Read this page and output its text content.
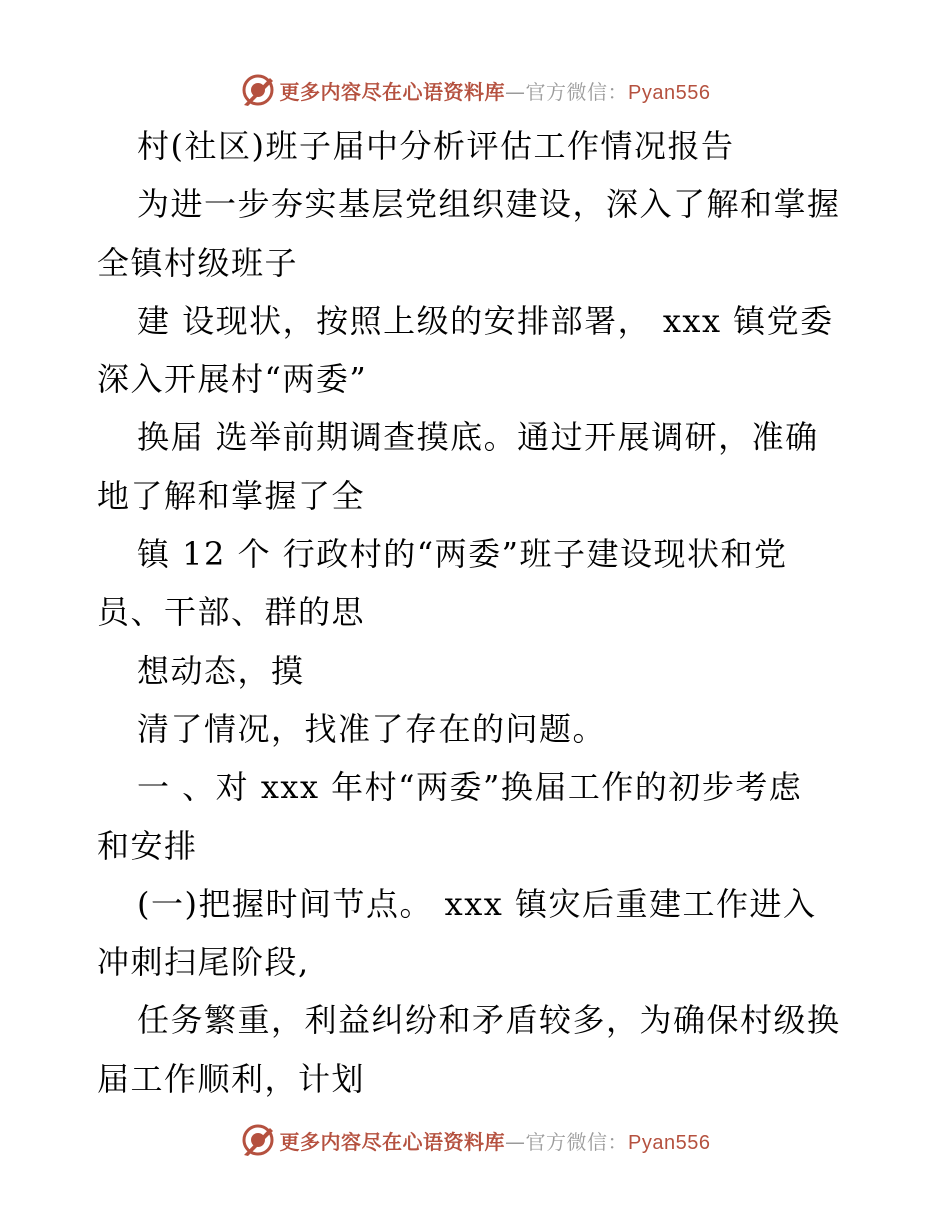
更多内容尽在心语资料库—官方微信：Pyan556

村(社区)班子届中分析评估工作情况报告

为进一步夯实基层党组织建设，深入了解和掌握

全镇村级班子

建 设现状，按照上级的安排部署， xxx 镇党委

深入开展村“两委”

换届 选举前期调查摸底。通过开展调研，准确

地了解和掌握了全

镇 12 个 行政村的“两委”班子建设现状和党

员、干部、群的思

想动态，摸

清了情况，找准了存在的问题。

一 、对 xxx 年村“两委”换届工作的初步考虑

和安排

(一)把握时间节点。 xxx 镇灾后重建工作进入

冲刺扫尾阶段,

任务繁重，利益纠纷和矛盾较多，为确保村级换

届工作顺利，计划

更多内容尽在心语资料库—官方微信：Pyan556
